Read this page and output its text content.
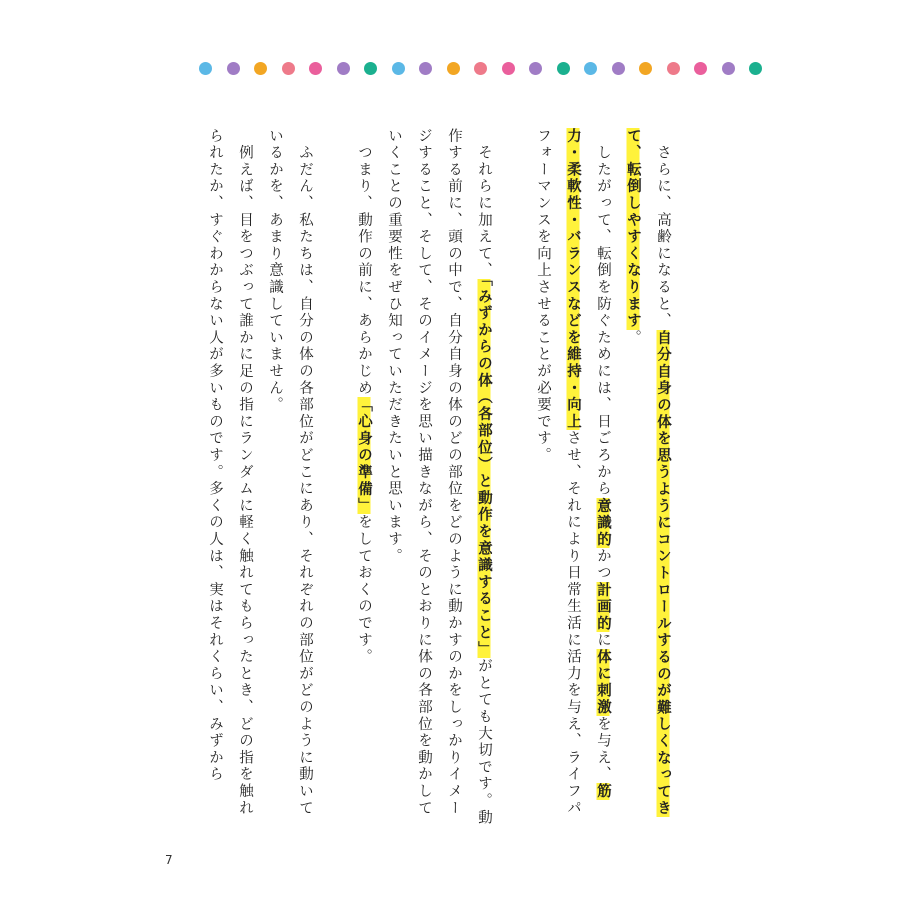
　さらに、高齢になると、自分自身の体を思うようにコントロールするのが難しくなってきて、転倒しやすくなります。

　したがって、転倒を防ぐためには、日ごろから意識的かつ計画的に体に刺激を与え、筋力・柔軟性・バランスなどを維持・向上させ、それにより日常生活に活力を与え、ライフパフォーマンスを向上させることが必要です。

　それらに加えて、「みずからの体（各部位）と動作を意識すること」がとても大切です。動作する前に、頭の中で、自分自身の体のどの部位をどのように動かすのかをしっかりイメージすること、そして、そのイメージを思い描きながら、そのとおりに体の各部位を動かしていくことの重要性をぜひ知っていただきたいと思います。

　つまり、動作の前に、あらかじめ「心身の準備」をしておくのです。

　ふだん、私たちは、自分の体の各部位がどこにあり、それぞれの部位がどのように動いているかを、あまり意識していません。

　例えば、目をつぶって誰かに足の指にランダムに軽く触れてもらったとき、どの指を触れられたか、すぐわからない人が多いものです。多くの人は、実はそれくらい、みずから

7
